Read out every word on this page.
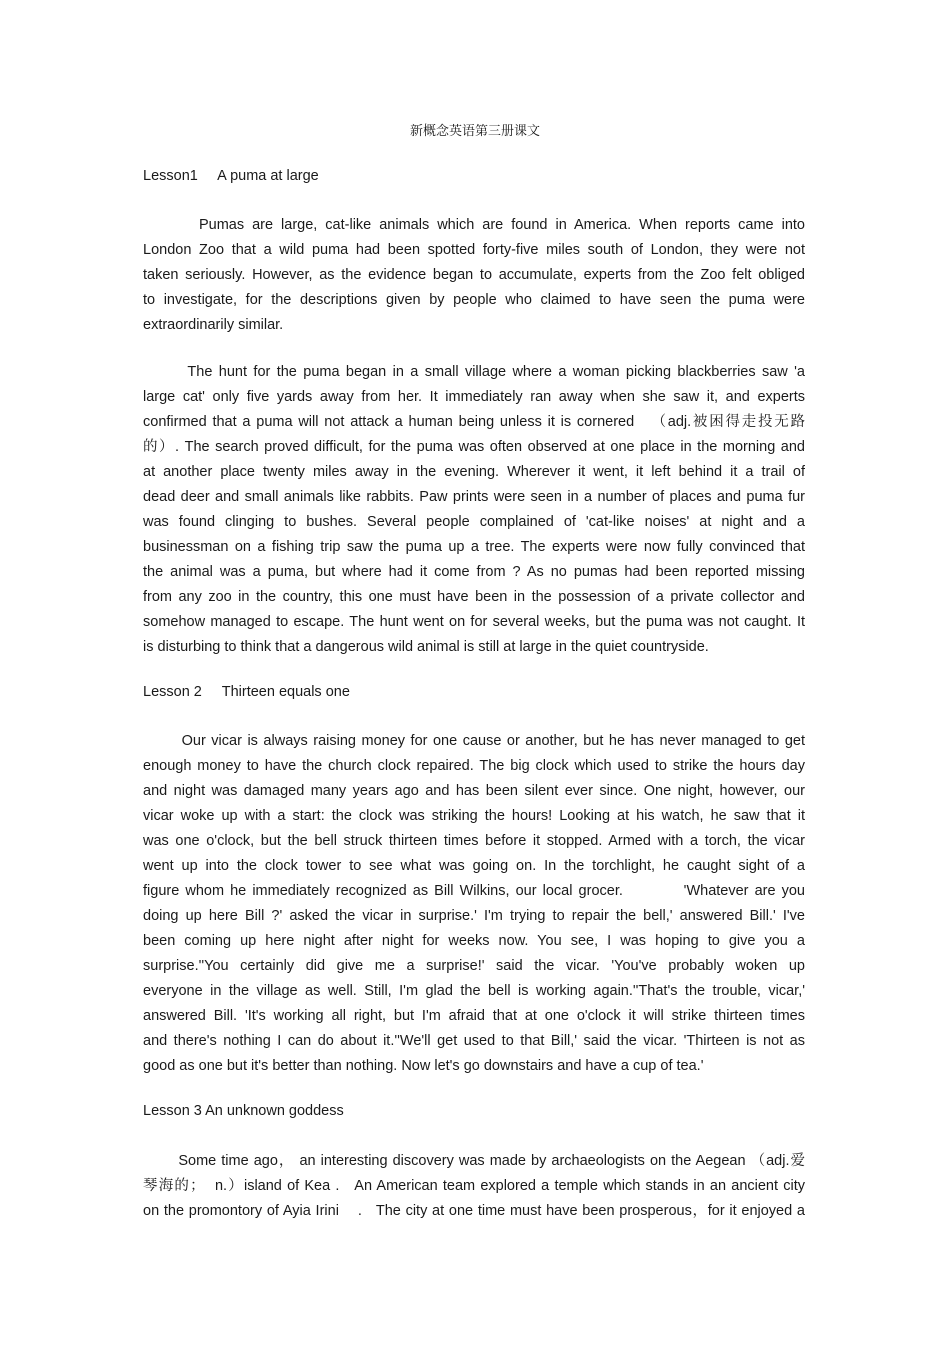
新概念英语第三册课文
Lesson1     A puma at large
Pumas are large, cat-like animals which are found in America. When reports came into
London Zoo that a wild puma had been spotted forty-five miles south of London, they were not
taken seriously. However, as the evidence began to accumulate, experts from the Zoo felt obliged
to investigate, for the descriptions given by people who claimed to have seen the puma were
extraordinarily similar.
The hunt for the puma began in a small village where a woman picking blackberries saw 'a
large cat' only five yards away from her. It immediately ran away when she saw it, and experts
confirmed that a puma will not attack a human being unless it is cornered   （adj.被困得走投无路
的）. The search proved difficult, for the puma was often observed at one place in the morning and
at another place twenty miles away in the evening. Wherever it went, it left behind it a trail of
dead deer and small animals like rabbits. Paw prints were seen in a number of places and puma fur
was found clinging to bushes. Several people complained of 'cat-like noises' at night and a
businessman on a fishing trip saw the puma up a tree. The experts were now fully convinced that
the animal was a puma, but where had it come from ? As no pumas had been reported missing
from any zoo in the country, this one must have been in the possession of a private collector and
somehow managed to escape. The hunt went on for several weeks, but the puma was not caught. It
is disturbing to think that a dangerous wild animal is still at large in the quiet countryside.
Lesson 2     Thirteen equals one
Our vicar is always raising money for one cause or another, but he has never managed to get
enough money to have the church clock repaired. The big clock which used to strike the hours day
and night was damaged many years ago and has been silent ever since. One night, however, our
vicar woke up with a start: the clock was striking the hours! Looking at his watch, he saw that it
was one o'clock, but the bell struck thirteen times before it stopped. Armed with a torch, the vicar
went up into the clock tower to see what was going on. In the torchlight, he caught sight of a
figure whom he immediately recognized as Bill Wilkins, our local grocer.          'Whatever are you
doing up here Bill ?' asked the vicar in surprise.' I'm trying to repair the bell,' answered Bill.' I've
been coming up here night after night for weeks now. You see, I was hoping to give you a
surprise.''You certainly did give me a surprise!' said the vicar. 'You've probably woken up
everyone in the village as well. Still, I'm glad the bell is working again.''That's the trouble, vicar,'
answered Bill. 'It's working all right, but I'm afraid that at one o'clock it will strike thirteen times
and there's nothing I can do about it.''We'll get used to that Bill,' said the vicar. 'Thirteen is not as
good as one but it's better than nothing. Now let's go downstairs and have a cup of tea.'
Lesson 3 An unknown goddess
Some time ago， an interesting discovery was made by archaeologists on the Aegean （adj.爱
琴海的；  n.）island of Kea .   An American team explored a temple which stands in an ancient city
on the promontory of Ayia Irini    .   The city at one time must have been prosperous，for it enjoyed a
